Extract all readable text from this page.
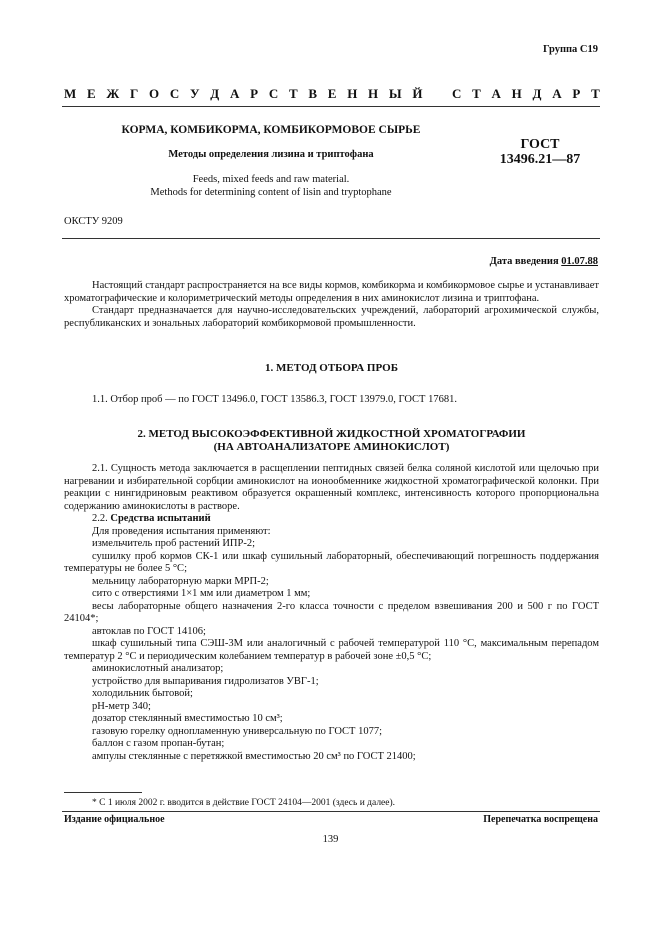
Группа С19
М Е Ж Г О С У Д А Р С Т В Е Н Н Ы Й С Т А Н Д А Р Т
КОРМА, КОМБИКОРМА, КОМБИКОРМОВОЕ СЫРЬЕ
Методы определения лизина и триптофана
Feeds, mixed feeds and raw material.
Methods for determining content of lisin and tryptophane
ГОСТ
13496.21—87
ОКСТУ 9209
Дата введения 01.07.88

Настоящий стандарт распространяется на все виды кормов, комбикорма и комбикормовое сырье и устанавливает хроматографические и колориметрический методы определения в них аминокислот лизина и триптофана.

Стандарт предназначается для научно-исследовательских учреждений, лабораторий агрохимической службы, республиканских и зональных лабораторий комбикормовой промышленности.

1. МЕТОД ОТБОРА ПРОБ

1.1. Отбор проб — по ГОСТ 13496.0, ГОСТ 13586.3, ГОСТ 13979.0, ГОСТ 17681.

2. МЕТОД ВЫСОКОЭФФЕКТИВНОЙ ЖИДКОСТНОЙ ХРОМАТОГРАФИИ
(НА АВТОАНАЛИЗАТОРЕ АМИНОКИСЛОТ)

2.1. Сущность метода заключается в расщеплении пептидных связей белка соляной кислотой или щелочью при нагревании и избирательной сорбции аминокислот на ионообменнике жидкостной хроматографической колонки. При реакции с нингидриновым реактивом образуется окрашенный комплекс, интенсивность которого пропорциональна содержанию аминокислоты в растворе.

2.2. Средства испытаний

Для проведения испытания применяют:

измельчитель проб растений ИПР-2;

сушилку проб кормов СК-1 или шкаф сушильный лабораторный, обеспечивающий погрешность поддержания температуры не более 5 °С;

мельницу лабораторную марки МРП-2;

сито с отверстиями 1×1 мм или диаметром 1 мм;

весы лабораторные общего назначения 2-го класса точности с пределом взвешивания 200 и 500 г по ГОСТ 24104*;

автоклав по ГОСТ 14106;

шкаф сушильный типа СЭШ-3М или аналогичный с рабочей температурой 110 °С, максимальным перепадом температур 2 °С и периодическим колебанием температур в рабочей зоне ±0,5 °С;

аминокислотный анализатор;

устройство для выпаривания гидролизатов УВГ-1;

холодильник бытовой;

рН-метр 340;

дозатор стеклянный вместимостью 10 см³;

газовую горелку однопламенную универсальную по ГОСТ 1077;

баллон с газом пропан-бутан;

ампулы стеклянные с перетяжкой вместимостью 20 см³ по ГОСТ 21400;

* С 1 июля 2002 г. вводится в действие ГОСТ 24104—2001 (здесь и далее).
Издание официальное	Перепечатка воспрещена
139
